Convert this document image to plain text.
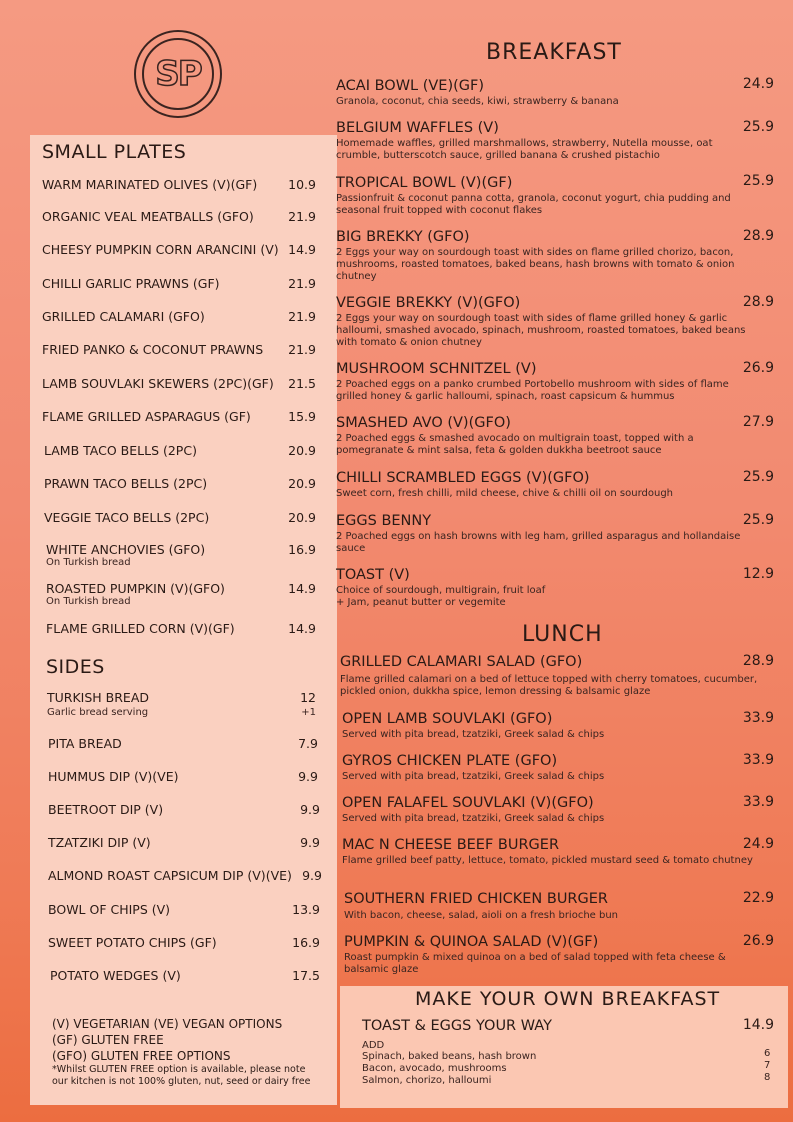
SP
SMALL PLATES
WARM MARINATED OLIVES (V)(GF)	10.9
ORGANIC VEAL MEATBALLS (GFO)	21.9
CHEESY PUMPKIN CORN ARANCINI (V) 14.9
CHILLI GARLIC PRAWNS (GF)	21.9
GRILLED CALAMARI (GFO)	21.9
FRIED PANKO & COCONUT PRAWNS	21.9
LAMB SOUVLAKI SKEWERS (2PC)(GF)	21.5
FLAME GRILLED ASPARAGUS (GF)	15.9
LAMB TACO BELLS (2PC)	20.9
PRAWN TACO BELLS (2PC)	20.9
VEGGIE TACO BELLS (2PC)	20.9
WHITE ANCHOVIES (GFO)	16.9
On Turkish bread
ROASTED PUMPKIN (V)(GFO)	14.9
On Turkish bread
FLAME GRILLED CORN (V)(GF)	14.9
SIDES
TURKISH BREAD	12
Garlic bread serving	+1
PITA BREAD	7.9
HUMMUS DIP (V)(VE)	9.9
BEETROOT DIP (V)	9.9
TZATZIKI DIP (V)	9.9
ALMOND ROAST CAPSICUM DIP (V)(VE) 9.9
BOWL OF CHIPS (V)	13.9
SWEET POTATO CHIPS (GF)	16.9
POTATO WEDGES (V)	17.5
(V) VEGETARIAN (VE) VEGAN OPTIONS
(GF) GLUTEN FREE
(GFO) GLUTEN FREE OPTIONS
*Whilst GLUTEN FREE option is available, please note
our kitchen is not 100% gluten, nut, seed or dairy free
BREAKFAST
ACAI BOWL (VE)(GF)	24.9
Granola, coconut, chia seeds, kiwi, strawberry & banana
BELGIUM WAFFLES (V)	25.9
Homemade waffles, grilled marshmallows, strawberry, Nutella mousse, oat crumble, butterscotch sauce, grilled banana & crushed pistachio
TROPICAL BOWL (V)(GF)	25.9
Passionfruit & coconut panna cotta, granola, coconut yogurt, chia pudding and seasonal fruit topped with coconut flakes
BIG BREKKY (GFO)	28.9
2 Eggs your way on sourdough toast with sides on flame grilled chorizo, bacon, mushrooms, roasted tomatoes, baked beans, hash browns with tomato & onion chutney
VEGGIE BREKKY (V)(GFO)	28.9
2 Eggs your way on sourdough toast with sides of flame grilled honey & garlic halloumi, smashed avocado, spinach, mushroom, roasted tomatoes, baked beans with tomato & onion chutney
MUSHROOM SCHNITZEL (V)	26.9
2 Poached eggs on a panko crumbed Portobello mushroom with sides of flame grilled honey & garlic halloumi, spinach, roast capsicum & hummus
SMASHED AVO (V)(GFO)	27.9
2 Poached eggs & smashed avocado on multigrain toast, topped with a pomegranate & mint salsa, feta & golden dukkha beetroot sauce
CHILLI SCRAMBLED EGGS (V)(GFO)	25.9
Sweet corn, fresh chilli, mild cheese, chive & chilli oil on sourdough
EGGS BENNY	25.9
2 Poached eggs on hash browns with leg ham, grilled asparagus and hollandaise sauce
TOAST (V)	12.9
Choice of sourdough, multigrain, fruit loaf
+ Jam, peanut butter or vegemite
LUNCH
GRILLED CALAMARI SALAD (GFO)	28.9
Flame grilled calamari on a bed of lettuce topped with cherry tomatoes, cucumber, pickled onion, dukkha spice, lemon dressing & balsamic glaze
OPEN LAMB SOUVLAKI (GFO)	33.9
Served with pita bread, tzatziki, Greek salad & chips
GYROS CHICKEN PLATE (GFO)	33.9
Served with pita bread, tzatziki, Greek salad & chips
OPEN FALAFEL SOUVLAKI (V)(GFO)	33.9
Served with pita bread, tzatziki, Greek salad & chips
MAC N CHEESE BEEF BURGER	24.9
Flame grilled beef patty, lettuce, tomato, pickled mustard seed & tomato chutney
SOUTHERN FRIED CHICKEN BURGER	22.9
With bacon, cheese, salad, aioli on a fresh brioche bun
PUMPKIN & QUINOA SALAD (V)(GF)	26.9
Roast pumpkin & mixed quinoa on a bed of salad topped with feta cheese & balsamic glaze
MAKE YOUR OWN BREAKFAST
TOAST & EGGS YOUR WAY	14.9
ADD
Spinach, baked beans, hash brown	6
Bacon, avocado, mushrooms	7
Salmon, chorizo, halloumi	8
